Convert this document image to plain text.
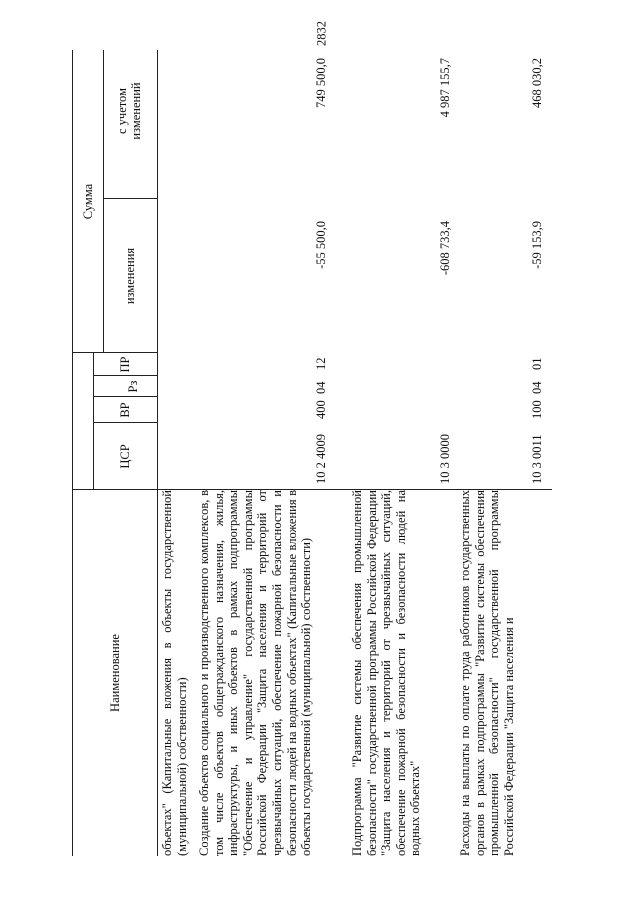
2832
Наименование
ЦСР
ВР
Рз
ПР
Сумма
изменения
с учетом изменений
объектах" (Капитальные вложения в объекты государственной (муниципальной) собственности) Создание объектов социального и производственного комплексов, в том числе объектов общегражданского назначения, жилья, инфраструктуры, и иных объектов в рамках подпрограммы "Обеспечение и управление" государственной программы Российской Федерации "Защита населения и территорий от чрезвычайных ситуаций, обеспечение пожарной безопасности и безопасности людей на водных объектах" (Капитальные вложения в объекты государственной (муниципальной) собственности)
10 2 4009
400
04
12
-55 500,0
749 500,0
Подпрограмма "Развитие системы обеспечения промышленной безопасности" государственной программы Российской Федерации "Защита населения и территорий от чрезвычайных ситуаций, обеспечение пожарной безопасности и безопасности людей на водных объектах"
10 3 0000
-608 733,4
4 987 155,7
Расходы на выплаты по оплате труда работников государственных органов в рамках подпрограммы "Развитие системы обеспечения промышленной безопасности" государственной программы Российской Федерации "Защита населения и
10 3 0011
100
04
01
-59 153,9
468 030,2
